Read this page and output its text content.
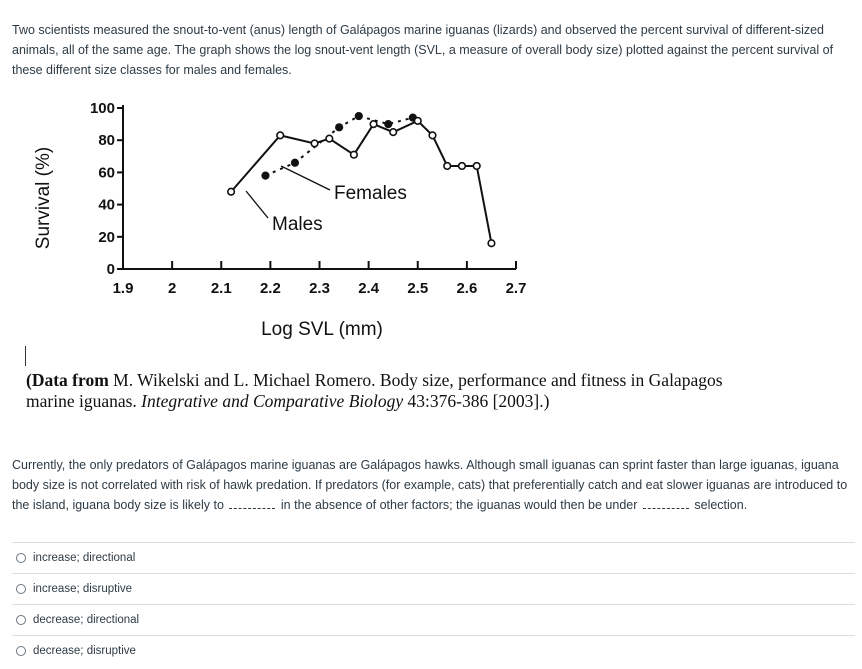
Two scientists measured the snout-to-vent (anus) length of Galápagos marine iguanas (lizards) and observed the percent survival of different-sized animals, all of the same age. The graph shows the log snout-vent length (SVL, a measure of overall body size) plotted against the percent survival of these different size classes for males and females.
Survival (%)
Log SVL (mm)
100
80
60
40
20
0
1.9 2 2.1 2.2 2.3 2.4 2.5 2.6 2.7
Females
Males
(Data from M. Wikelski and L. Michael Romero. Body size, performance and fitness in Galapagos marine iguanas. Integrative and Comparative Biology 43:376-386 [2003].)
Currently, the only predators of Galápagos marine iguanas are Galápagos hawks. Although small iguanas can sprint faster than large iguanas, iguana body size is not correlated with risk of hawk predation. If predators (for example, cats) that preferentially catch and eat slower iguanas are introduced to the island, iguana body size is likely to	in the absence of other factors; the iguanas would then be under	selection.
increase; directional
increase; disruptive
decrease; directional
decrease; disruptive
